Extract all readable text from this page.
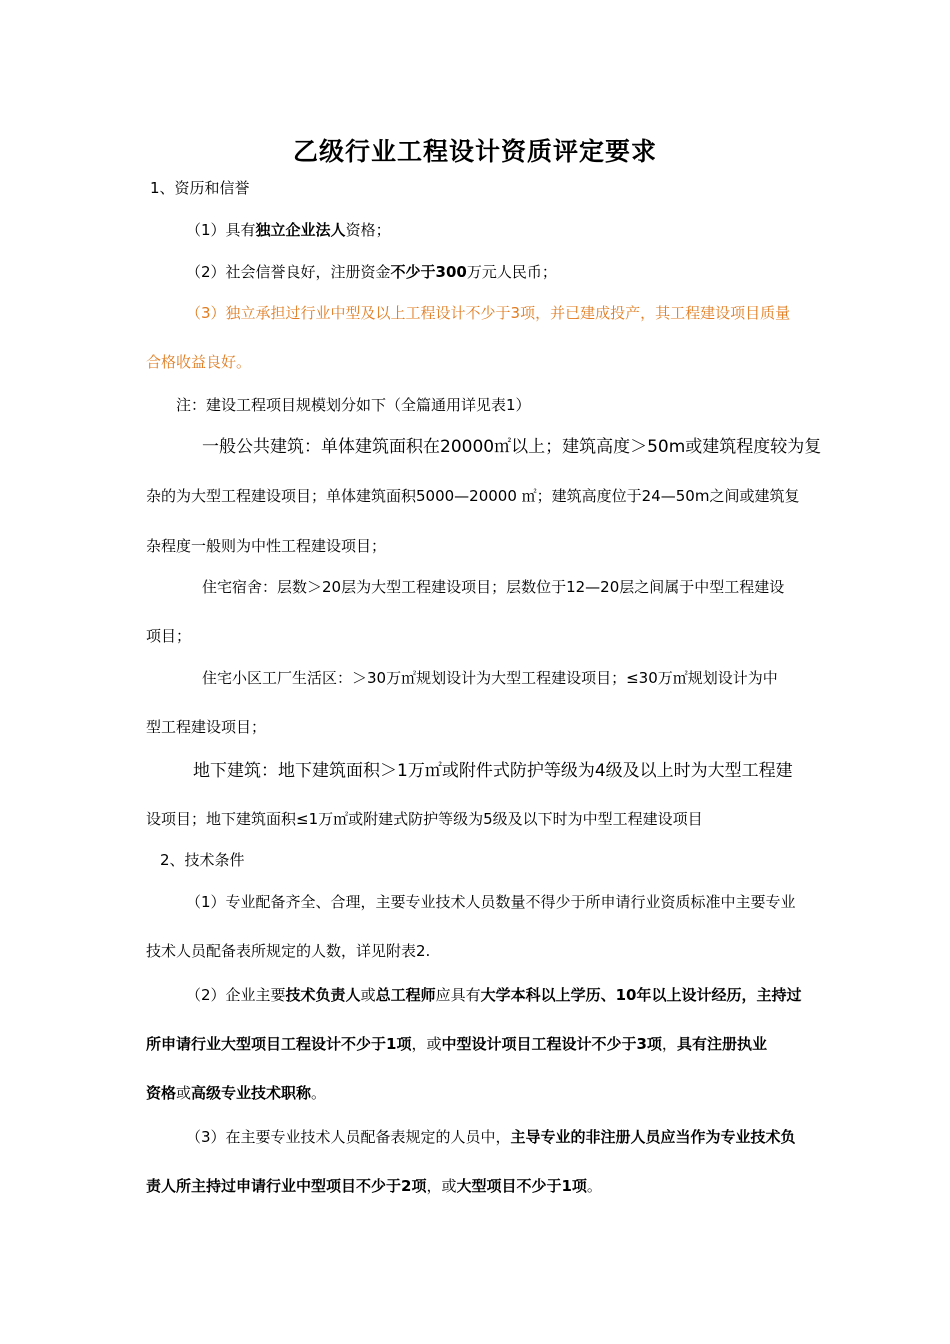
乙级行业工程设计资质评定要求
1、资历和信誉
（1）具有独立企业法人资格；
（2）社会信誉良好，注册资金不少于300万元人民币；
（3）独立承担过行业中型及以上工程设计不少于3项，并已建成投产，其工程建设项目质量
合格收益良好。
注：建设工程项目规模划分如下（全篇通用详见表1）
一般公共建筑：单体建筑面积在20000㎡以上；建筑高度＞50m或建筑程度较为复
杂的为大型工程建设项目；单体建筑面积5000—20000 ㎡；建筑高度位于24—50m之间或建筑复
杂程度一般则为中性工程建设项目；
住宅宿舍：层数＞20层为大型工程建设项目；层数位于12—20层之间属于中型工程建设
项目；
住宅小区工厂生活区：＞30万㎡规划设计为大型工程建设项目；≤30万㎡规划设计为中
型工程建设项目；
地下建筑：地下建筑面积＞1万㎡或附件式防护等级为4级及以上时为大型工程建
设项目；地下建筑面积≤1万㎡或附建式防护等级为5级及以下时为中型工程建设项目
2、技术条件
（1）专业配备齐全、合理，主要专业技术人员数量不得少于所申请行业资质标准中主要专业
技术人员配备表所规定的人数，详见附表2.
（2）企业主要技术负责人或总工程师应具有大学本科以上学历、10年以上设计经历，主持过
所申请行业大型项目工程设计不少于1项，或中型设计项目工程设计不少于3项，具有注册执业
资格或高级专业技术职称。
（3）在主要专业技术人员配备表规定的人员中，主导专业的非注册人员应当作为专业技术负
责人所主持过申请行业中型项目不少于2项，或大型项目不少于1项。
